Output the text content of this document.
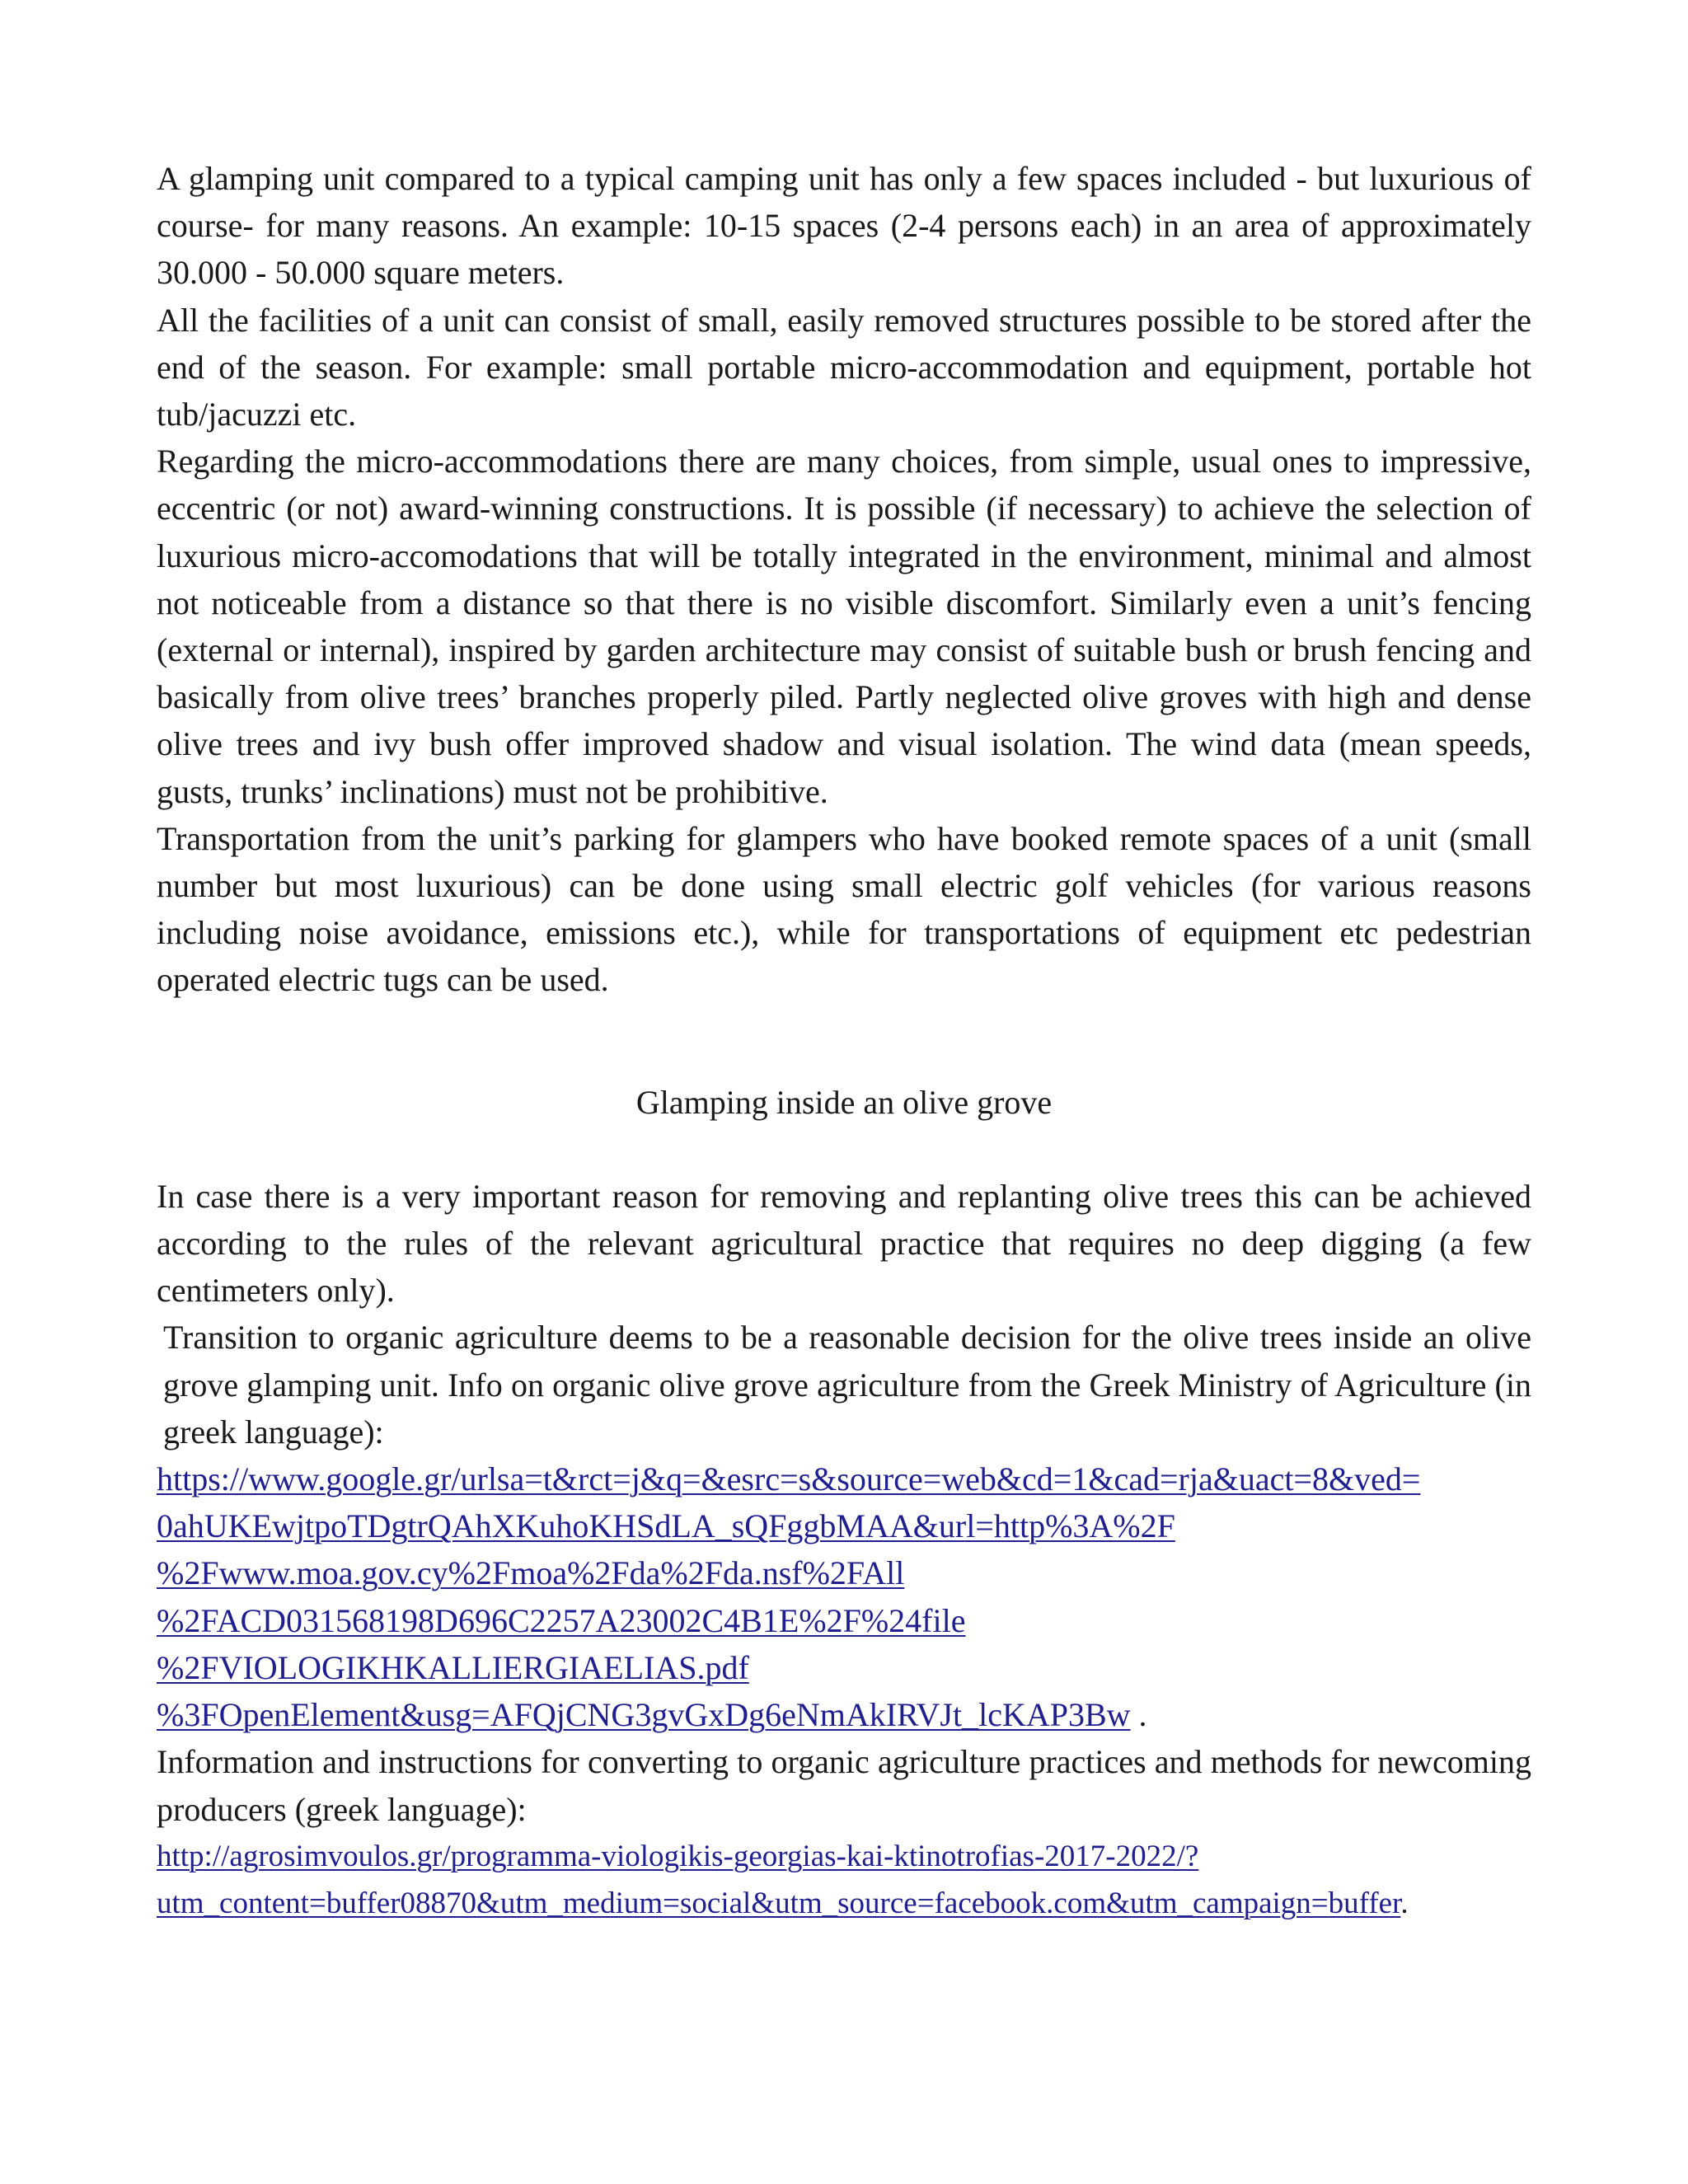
A glamping unit compared to a typical camping unit has only a few spaces included - but luxurious of course- for many reasons. An example: 10-15 spaces (2-4 persons each) in an area of approximately 30.000 - 50.000 square meters.

All the facilities of a unit can consist of small, easily removed structures possible to be stored after the end of the season. For example: small portable micro-accommodation and equipment, portable hot tub/jacuzzi etc.

Regarding the micro-accommodations there are many choices, from simple, usual ones to impressive, eccentric (or not) award-winning constructions. It is possible (if necessary) to achieve the selection of luxurious micro-accomodations that will be totally integrated in the environment, minimal and almost not noticeable from a distance so that there is no visible discomfort. Similarly even a unit’s fencing (external or internal), inspired by garden architecture may consist of suitable bush or brush fencing and basically from olive trees’ branches properly piled. Partly neglected olive groves with high and dense olive trees and ivy bush offer improved shadow and visual isolation. The wind data (mean speeds, gusts, trunks’ inclinations) must not be prohibitive.

Transportation from the unit’s parking for glampers who have booked remote spaces of a unit (small number but most luxurious) can be done using small electric golf vehicles (for various reasons including noise avoidance, emissions etc.), while for transportations of equipment etc pedestrian operated electric tugs can be used.

Glamping inside an olive grove

In case there is a very important reason for removing and replanting olive trees this can be achieved according to the rules of the relevant agricultural practice that requires no deep digging (a few centimeters only).

Transition to organic agriculture deems to be a reasonable decision for the olive trees inside an olive grove glamping unit. Info on organic olive grove agriculture from the Greek Ministry of Agriculture (in greek language):

https://www.google.gr/urlsa=t&rct=j&q=&esrc=s&source=web&cd=1&cad=rja&uact=8&ved=
0ahUKEwjtpoTDgtrQAhXKuhoKHSdLA_sQFggbMAA&url=http%3A%2F
%2Fwww.moa.gov.cy%2Fmoa%2Fda%2Fda.nsf%2FAll
%2FACD031568198D696C2257A23002C4B1E%2F%24file
%2FVIOLOGIKHKALLIERGIAELIAS.pdf
%3FOpenElement&usg=AFQjCNG3gvGxDg6eNmAkIRVJt_lcKAP3Bw .

Information and instructions for converting to organic agriculture practices and methods for newcoming producers (greek language):

http://agrosimvoulos.gr/programma-viologikis-georgias-kai-ktinotrofias-2017-2022/?
utm_content=buffer08870&utm_medium=social&utm_source=facebook.com&utm_campaign=buffer.
